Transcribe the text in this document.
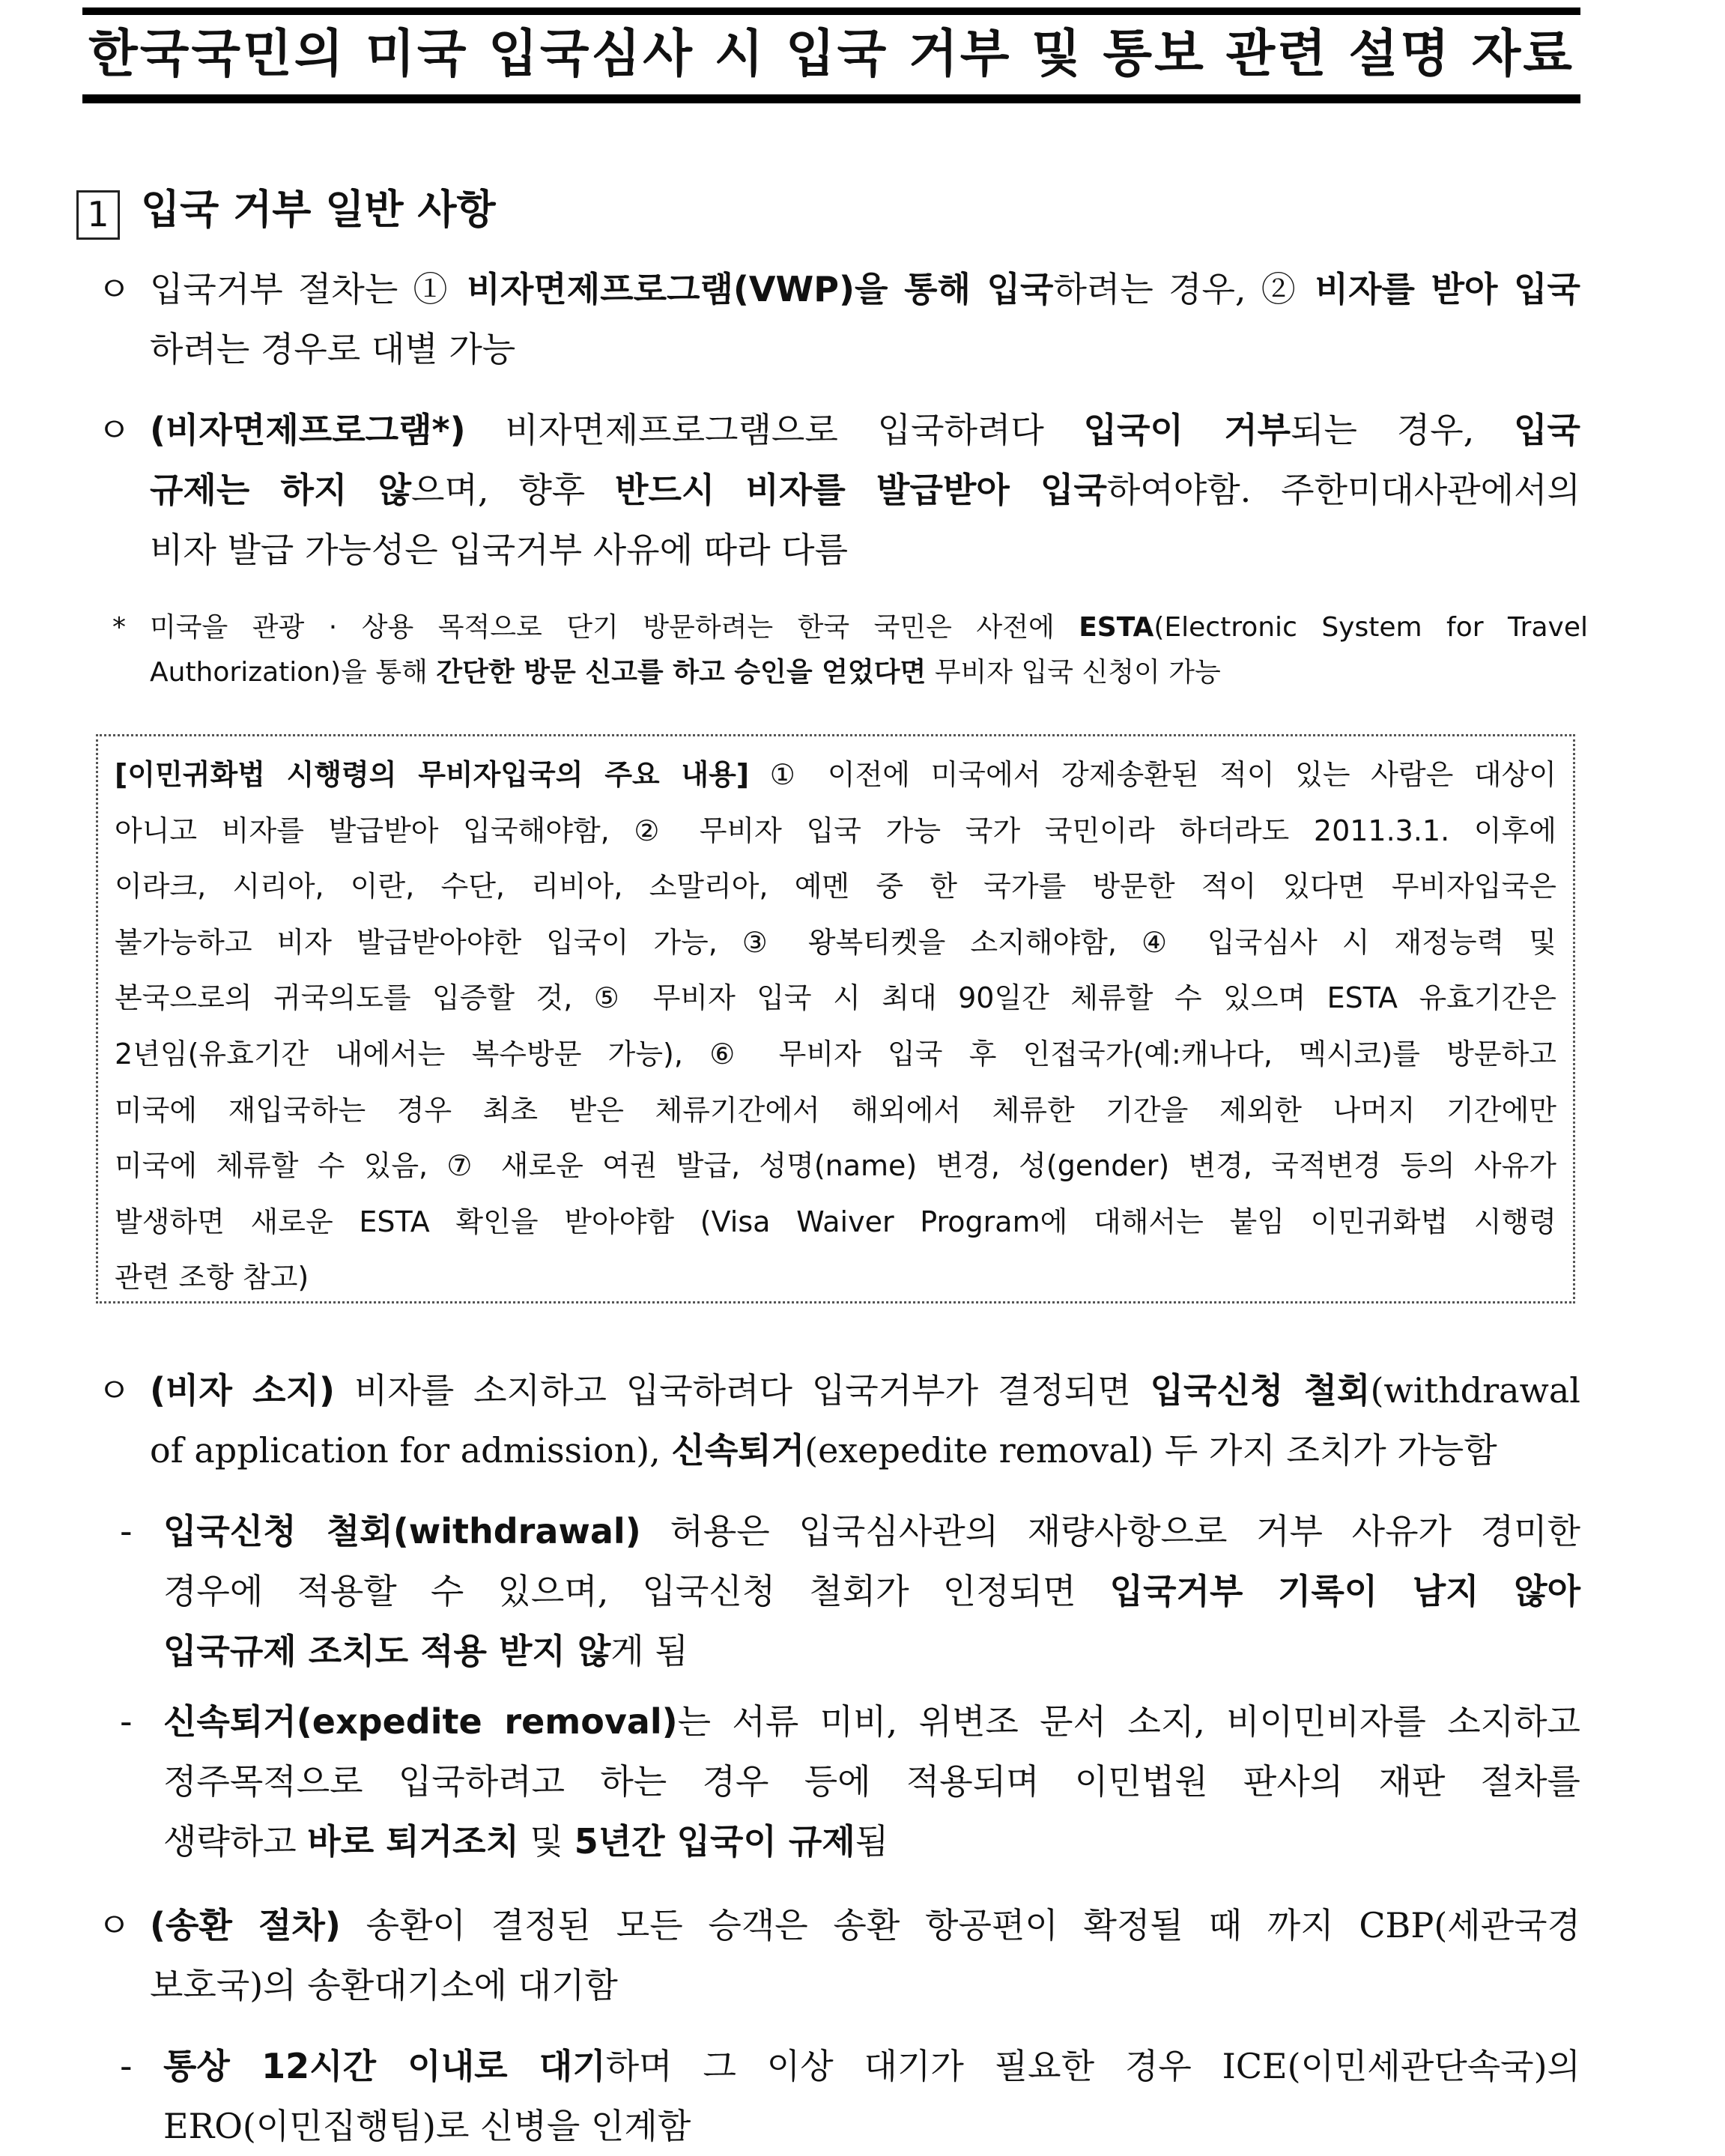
한국국민의 미국 입국심사 시 입국 거부 및 통보 관련 설명 자료
1 입국 거부 일반 사항
ㅇ 입국거부 절차는 ① 비자면제프로그램(VWP)을 통해 입국하려는 경우, ② 비자를 받아 입국
하려는 경우로 대별 가능
ㅇ (비자면제프로그램*) 비자면제프로그램으로 입국하려다 입국이 거부되는 경우, 입국
규제는 하지 않으며, 향후 반드시 비자를 발급받아 입국하여야함. 주한미대사관에서의
비자 발급 가능성은 입국거부 사유에 따라 다름
* 미국을 관광 · 상용 목적으로 단기 방문하려는 한국 국민은 사전에 ESTA(Electronic System for Travel
Authorization)을 통해 간단한 방문 신고를 하고 승인을 얻었다면 무비자 입국 신청이 가능
[이민귀화법 시행령의 무비자입국의 주요 내용] ① 이전에 미국에서 강제송환된 적이 있는 사람은 대상이
아니고 비자를 발급받아 입국해야함, ② 무비자 입국 가능 국가 국민이라 하더라도 2011.3.1. 이후에
이라크, 시리아, 이란, 수단, 리비아, 소말리아, 예멘 중 한 국가를 방문한 적이 있다면 무비자입국은
불가능하고 비자 발급받아야한 입국이 가능, ③ 왕복티켓을 소지해야함, ④ 입국심사 시 재정능력 및
본국으로의 귀국의도를 입증할 것, ⑤ 무비자 입국 시 최대 90일간 체류할 수 있으며 ESTA 유효기간은
2년임(유효기간 내에서는 복수방문 가능), ⑥ 무비자 입국 후 인접국가(예:캐나다, 멕시코)를 방문하고
미국에 재입국하는 경우 최초 받은 체류기간에서 해외에서 체류한 기간을 제외한 나머지 기간에만
미국에 체류할 수 있음, ⑦ 새로운 여권 발급, 성명(name) 변경, 성(gender) 변경, 국적변경 등의 사유가
발생하면 새로운 ESTA 확인을 받아야함 (Visa Waiver Program에 대해서는 붙임 이민귀화법 시행령
관련 조항 참고)
ㅇ (비자 소지) 비자를 소지하고 입국하려다 입국거부가 결정되면 입국신청 철회(withdrawal
of application for admission), 신속퇴거(exepedite removal) 두 가지 조치가 가능함
- 입국신청 철회(withdrawal) 허용은 입국심사관의 재량사항으로 거부 사유가 경미한
경우에 적용할 수 있으며, 입국신청 철회가 인정되면 입국거부 기록이 남지 않아
입국규제 조치도 적용 받지 않게 됨
- 신속퇴거(expedite removal)는 서류 미비, 위변조 문서 소지, 비이민비자를 소지하고
정주목적으로 입국하려고 하는 경우 등에 적용되며 이민법원 판사의 재판 절차를
생략하고 바로 퇴거조치 및 5년간 입국이 규제됨
ㅇ (송환 절차) 송환이 결정된 모든 승객은 송환 항공편이 확정될 때 까지 CBP(세관국경
보호국)의 송환대기소에 대기함
- 통상 12시간 이내로 대기하며 그 이상 대기가 필요한 경우 ICE(이민세관단속국)의
ERO(이민집행팀)로 신병을 인계함
